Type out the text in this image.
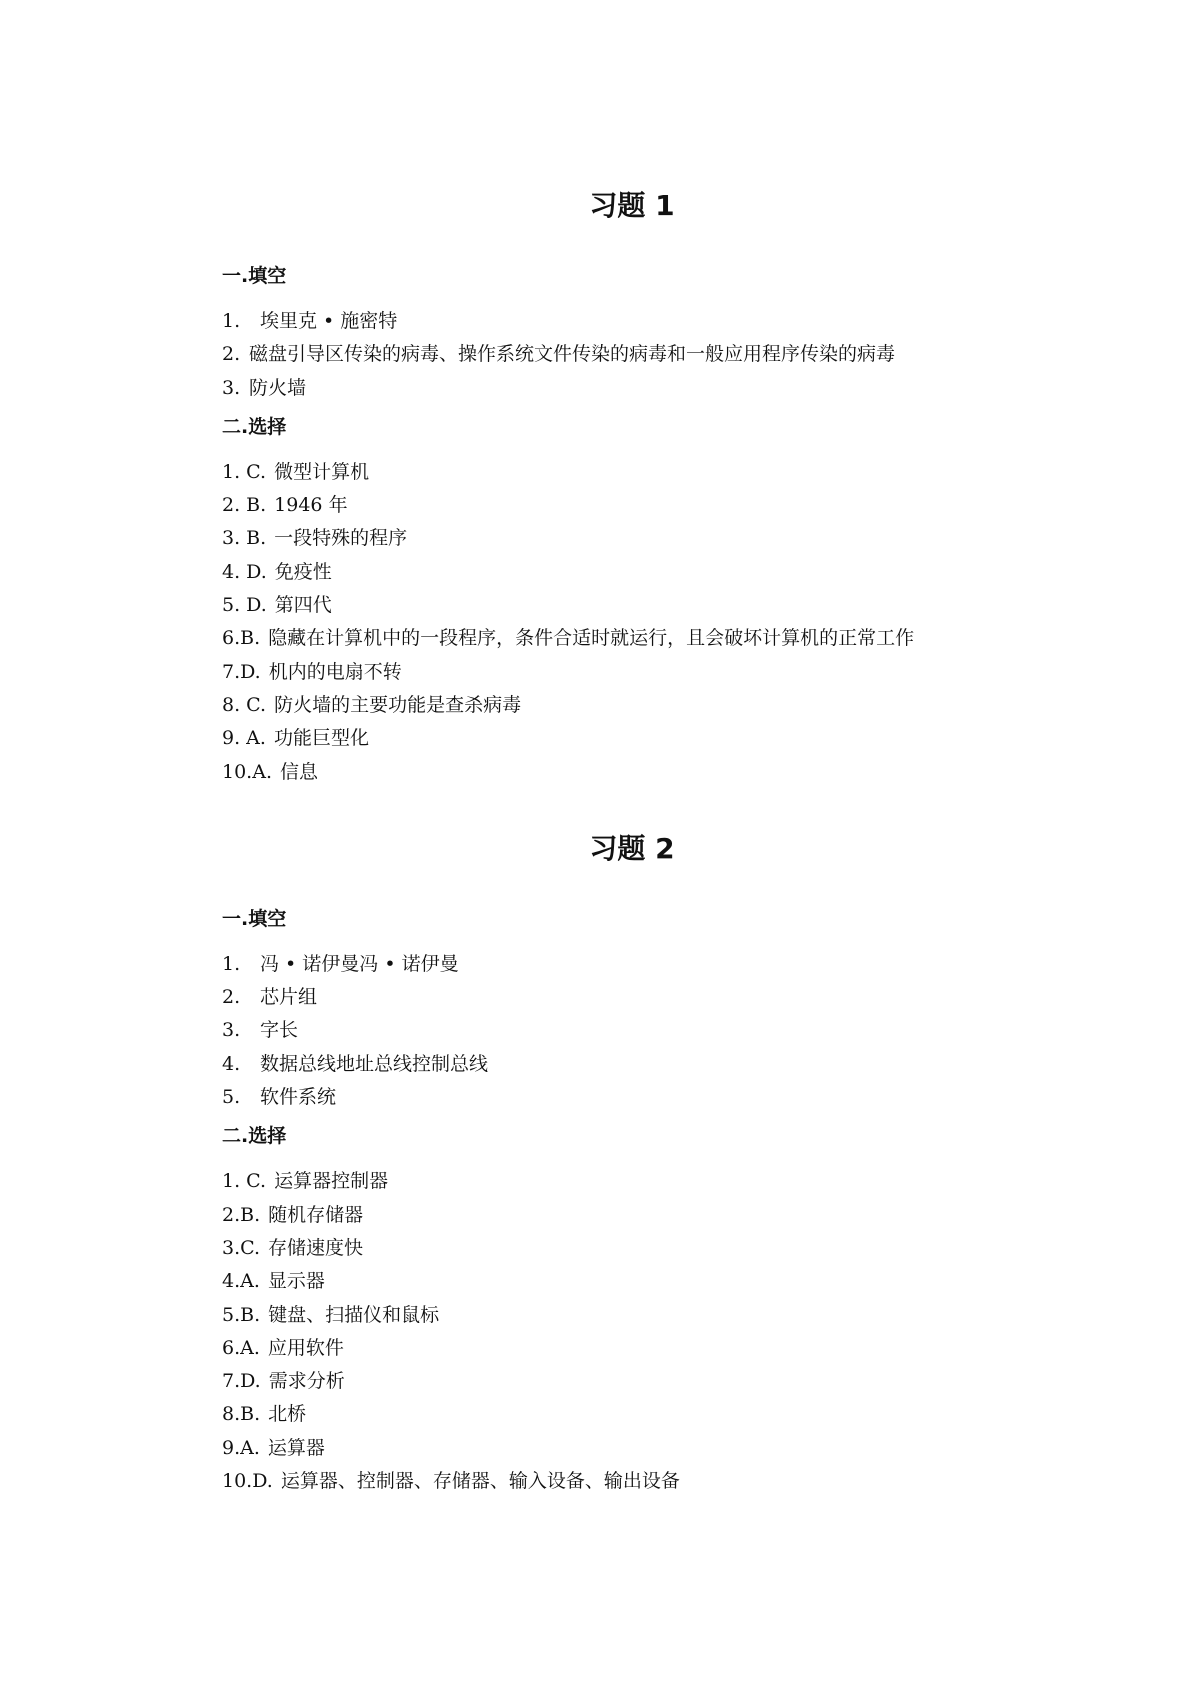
习题 1
一.填空
1. 埃里克 • 施密特
2. 磁盘引导区传染的病毒、操作系统文件传染的病毒和一般应用程序传染的病毒
3. 防火墙
二.选择
1. C. 微型计算机
2. B. 1946 年
3. B. 一段特殊的程序
4. D. 免疫性
5. D. 第四代
6.B. 隐藏在计算机中的一段程序，条件合适时就运行，且会破坏计算机的正常工作
7.D. 机内的电扇不转
8. C. 防火墙的主要功能是查杀病毒
9. A. 功能巨型化
10.A. 信息
习题 2
一.填空
1. 冯 • 诺伊曼冯 • 诺伊曼
2. 芯片组
3. 字长
4. 数据总线地址总线控制总线
5. 软件系统
二.选择
1. C. 运算器控制器
2.B. 随机存储器
3.C. 存储速度快
4.A. 显示器
5.B. 键盘、扫描仪和鼠标
6.A. 应用软件
7.D. 需求分析
8.B. 北桥
9.A. 运算器
10.D. 运算器、控制器、存储器、输入设备、输出设备
